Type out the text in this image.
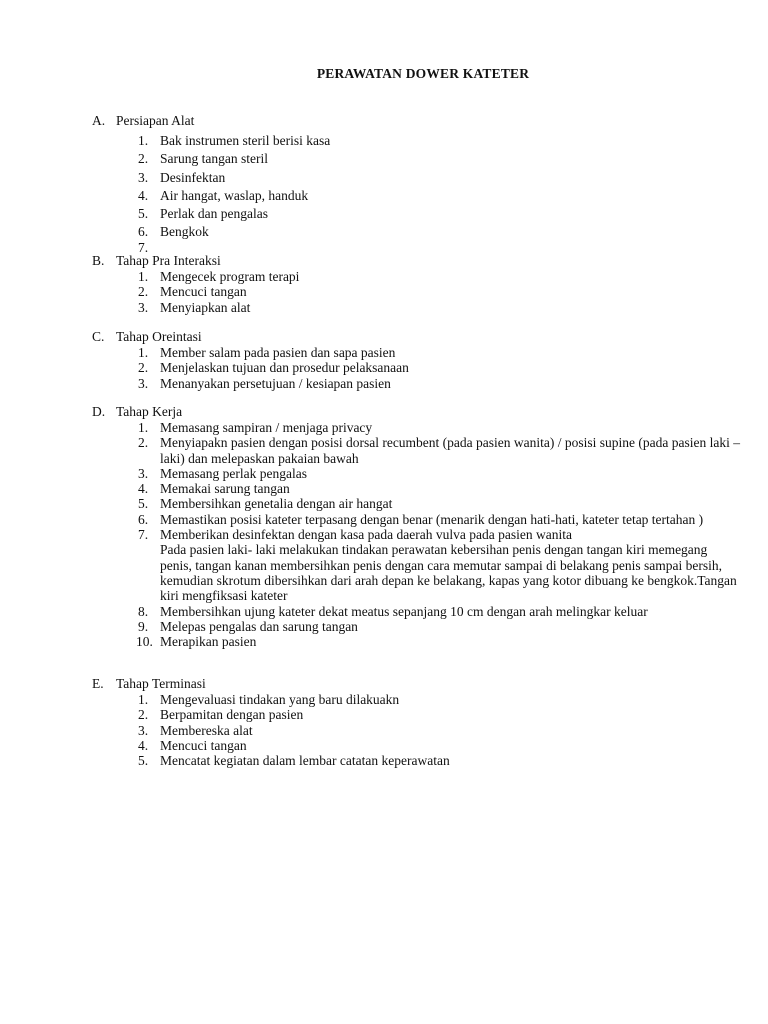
PERAWATAN DOWER KATETER
A. Persiapan Alat
1. Bak instrumen steril berisi kasa
2. Sarung tangan steril
3. Desinfektan
4. Air hangat, waslap, handuk
5. Perlak dan pengalas
6. Bengkok
7.
B. Tahap Pra Interaksi
1. Mengecek program terapi
2. Mencuci tangan
3. Menyiapkan alat
C. Tahap Oreintasi
1. Member salam pada pasien dan sapa pasien
2. Menjelaskan tujuan dan prosedur pelaksanaan
3. Menanyakan persetujuan / kesiapan pasien
D. Tahap Kerja
1. Memasang sampiran / menjaga privacy
2. Menyiapakn pasien dengan posisi dorsal recumbent (pada pasien wanita) / posisi supine (pada pasien laki – laki) dan melepaskan pakaian bawah
3. Memasang perlak pengalas
4. Memakai sarung tangan
5. Membersihkan genetalia dengan air hangat
6. Memastikan posisi kateter terpasang dengan benar (menarik dengan hati-hati, kateter tetap tertahan )
7. Memberikan desinfektan dengan kasa pada daerah vulva pada pasien wanita
Pada pasien laki- laki melakukan tindakan perawatan kebersihan penis dengan tangan kiri memegang penis, tangan kanan membersihkan penis dengan cara memutar sampai di belakang penis sampai bersih, kemudian skrotum dibersihkan dari arah depan ke belakang, kapas yang kotor dibuang ke bengkok.Tangan kiri mengfiksasi kateter
8. Membersihkan ujung kateter dekat meatus sepanjang 10 cm dengan arah melingkar keluar
9. Melepas pengalas dan sarung tangan
10. Merapikan pasien
E. Tahap Terminasi
1. Mengevaluasi tindakan yang baru dilakuakn
2. Berpamitan dengan pasien
3. Membereska alat
4. Mencuci tangan
5. Mencatat kegiatan dalam lembar catatan keperawatan
